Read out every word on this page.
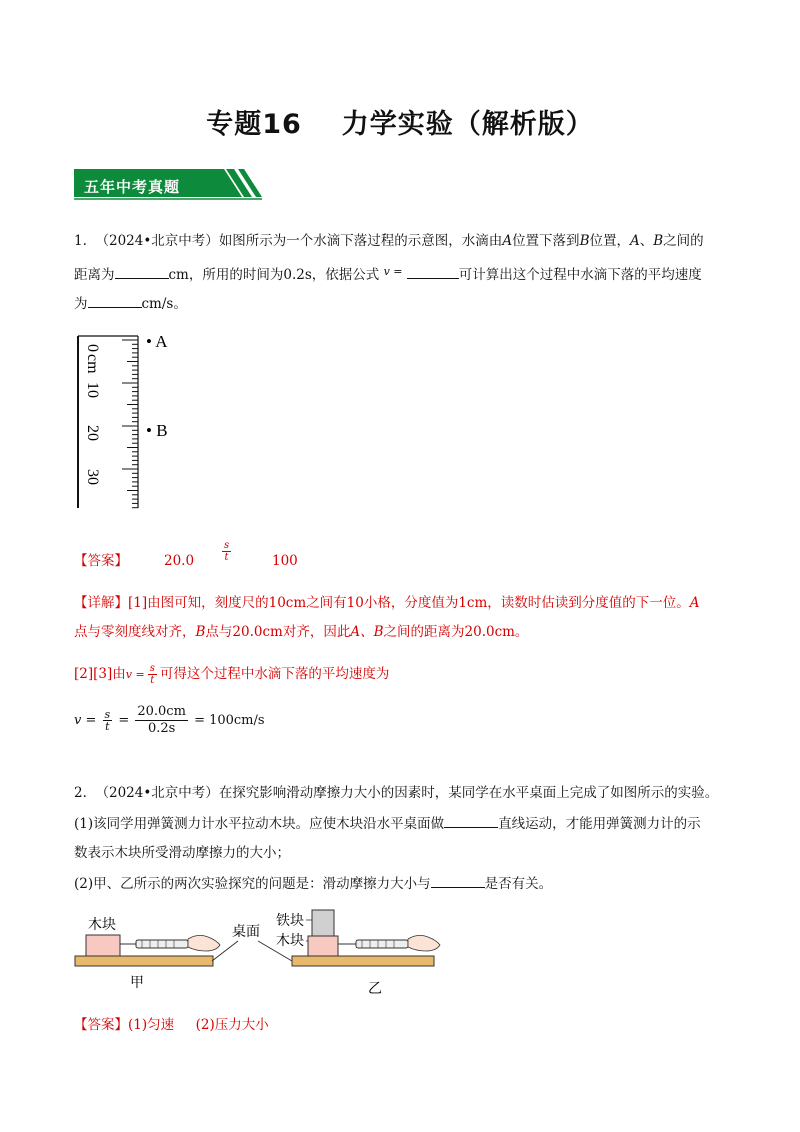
专题16 力学实验（解析版）
五年中考真题
1. （2024•北京中考）如图所示为一个水滴下落过程的示意图，水滴由A位置下落到B位置，A、B之间的
距离为	cm，所用的时间为0.2s，依据公式 $^{v =}$	可计算出这个过程中水滴下落的平均速度
为	cm/s。
0
cm
10
20
30
• A
• B
【答案】	20.0	$\frac{s}{t}$	100
【详解】[1]由图可知，刻度尺的10cm之间有10小格，分度值为1cm，读数时估读到分度值的下一位。A
点与零刻度线对齐，B点与20.0cm对齐，因此A、B之间的距离为20.0cm。
[2][3]由$v = \frac{s}{t}$ 可得这个过程中水滴下落的平均速度为
$v = \frac{s}{t} = \frac{20.0cm}{0.2s} = 100cm/s$
2. （2024•北京中考）在探究影响滑动摩擦力大小的因素时，某同学在水平桌面上完成了如图所示的实验。
(1)该同学用弹簧测力计水平拉动木块。应使木块沿水平桌面做	直线运动，才能用弹簧测力计的示
数表示木块所受滑动摩擦力的大小；
(2)甲、乙所示的两次实验探究的问题是：滑动摩擦力大小与	是否有关。
木块
甲
桌面
铁块
木块
乙
【答案】(1)匀速 (2)压力大小
